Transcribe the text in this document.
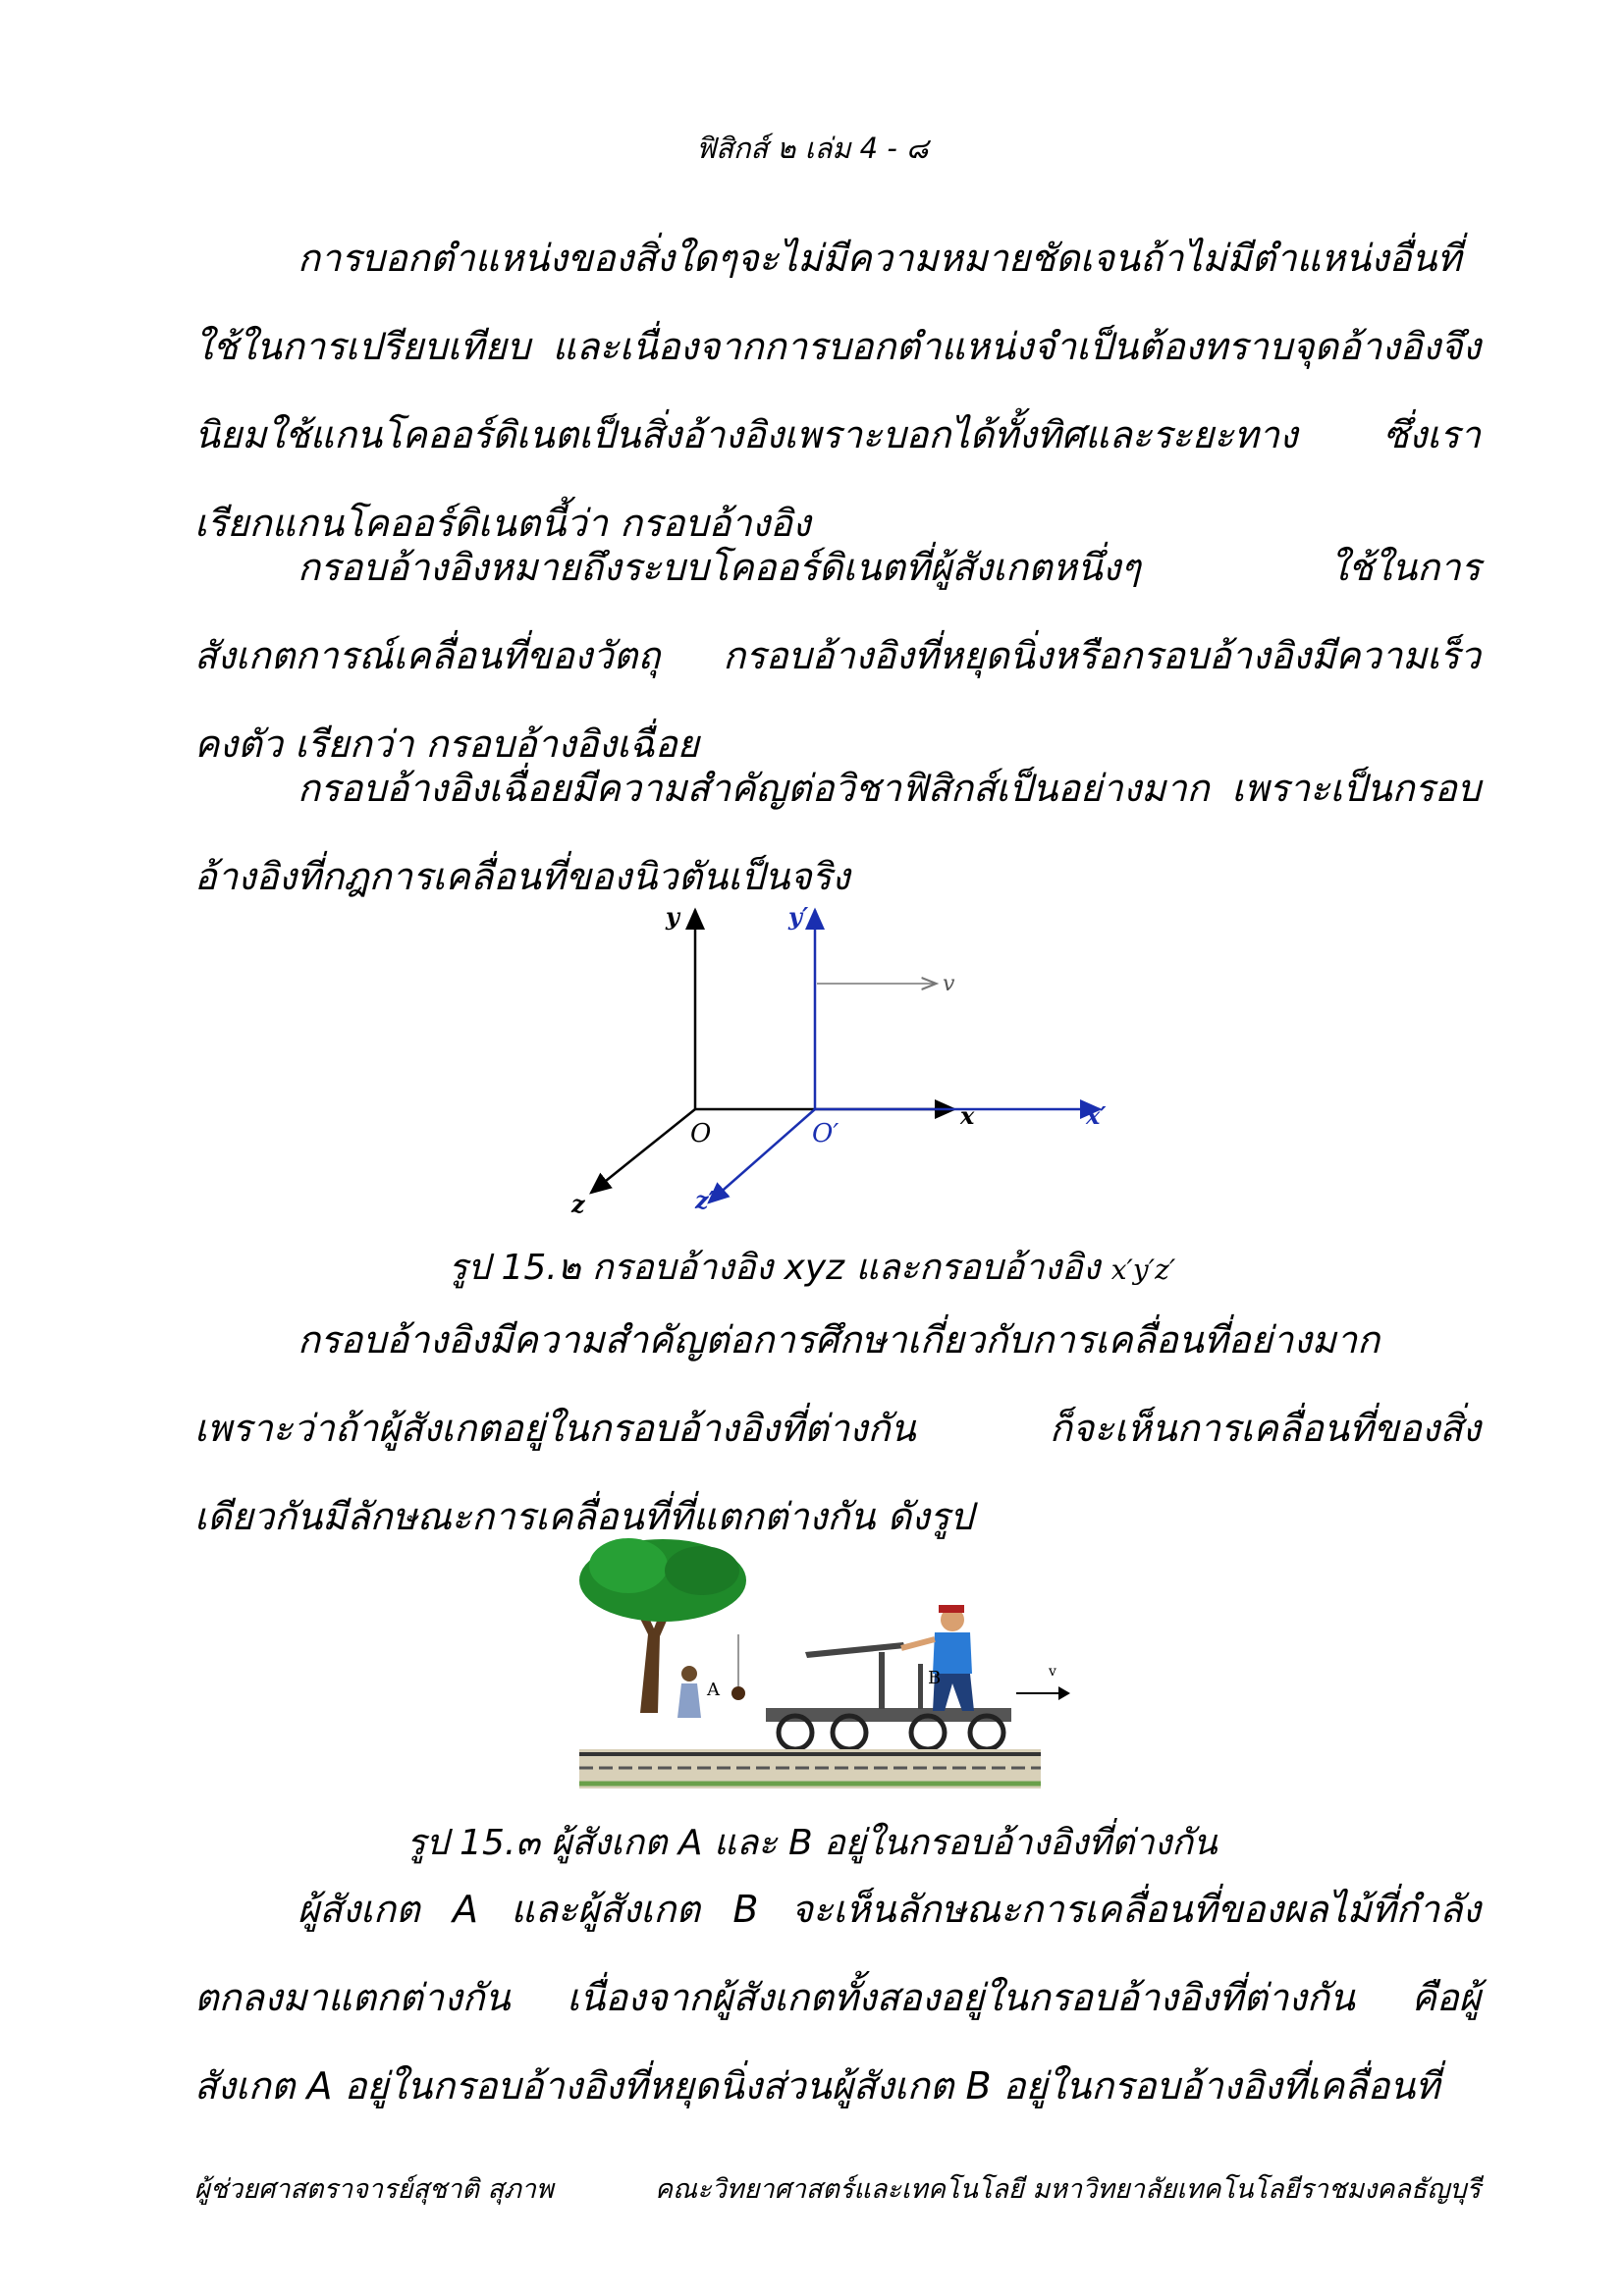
ฟิสิกส์ ๒ เล่ม 4 - ๘

การบอกตำแหน่งของสิ่งใดๆจะไม่มีความหมายชัดเจนถ้าไม่มีตำแหน่งอื่นที่ใช้ในการเปรียบเทียบ และเนื่องจากการบอกตำแหน่งจำเป็นต้องทราบจุดอ้างอิงจึงนิยมใช้แกนโคออร์ดิเนตเป็นสิ่งอ้างอิงเพราะบอกได้ทั้งทิศและระยะทาง ซึ่งเราเรียกแกนโคออร์ดิเนตนี้ว่า กรอบอ้างอิง

กรอบอ้างอิงหมายถึงระบบโคออร์ดิเนตที่ผู้สังเกตหนึ่งๆ ใช้ในการสังเกตการณ์เคลื่อนที่ของวัตถุ กรอบอ้างอิงที่หยุดนิ่งหรือกรอบอ้างอิงมีความเร็วคงตัว เรียกว่า กรอบอ้างอิงเฉื่อย

กรอบอ้างอิงเฉื่อยมีความสำคัญต่อวิชาฟิสิกส์เป็นอย่างมาก เพราะเป็นกรอบอ้างอิงที่กฎการเคลื่อนที่ของนิวตันเป็นจริง

y	y′
v
x	x′
O	O′
z	z′
รูป 15.๒ กรอบอ้างอิง xyz และกรอบอ้างอิง x′y′z′

กรอบอ้างอิงมีความสำคัญต่อการศึกษาเกี่ยวกับการเคลื่อนที่อย่างมาก เพราะว่าถ้าผู้สังเกตอยู่ในกรอบอ้างอิงที่ต่างกัน ก็จะเห็นการเคลื่อนที่ของสิ่งเดียวกันมีลักษณะการเคลื่อนที่ที่แตกต่างกัน ดังรูป

A
B	v
รูป 15.๓ ผู้สังเกต A และ B อยู่ในกรอบอ้างอิงที่ต่างกัน

ผู้สังเกต A และผู้สังเกต B จะเห็นลักษณะการเคลื่อนที่ของผลไม้ที่กำลังตกลงมาแตกต่างกัน เนื่องจากผู้สังเกตทั้งสองอยู่ในกรอบอ้างอิงที่ต่างกัน คือผู้สังเกต A อยู่ในกรอบอ้างอิงที่หยุดนิ่งส่วนผู้สังเกต B อยู่ในกรอบอ้างอิงที่เคลื่อนที่

ผู้ช่วยศาสตราจารย์สุชาติ สุภาพ	คณะวิทยาศาสตร์และเทคโนโลยี มหาวิทยาลัยเทคโนโลยีราชมงคลธัญบุรี
